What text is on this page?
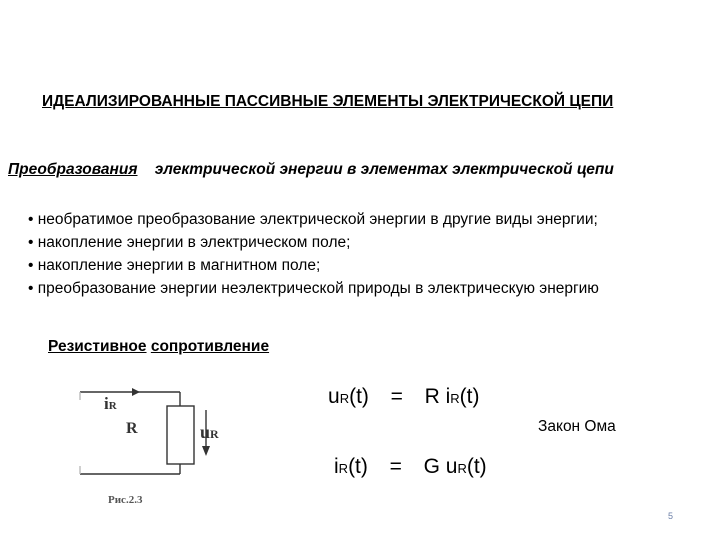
ИДЕАЛИЗИРОВАННЫЕ ПАССИВНЫЕ ЭЛЕМЕНТЫ ЭЛЕКТРИЧЕСКОЙ ЦЕПИ
Преобразования электрической энергии в элементах электрической цепи
• необратимое преобразование электрической энергии в другие виды энергии;
• накопление энергии в электрическом поле;
• накопление энергии в магнитном поле;
• преобразование энергии неэлектрической природы в электрическую энергию
Резистивное сопротивление
iR
R	uR
Рис.2.3
uR(t) = R iR(t)
Закон Ома
iR(t) = G uR(t)
5
